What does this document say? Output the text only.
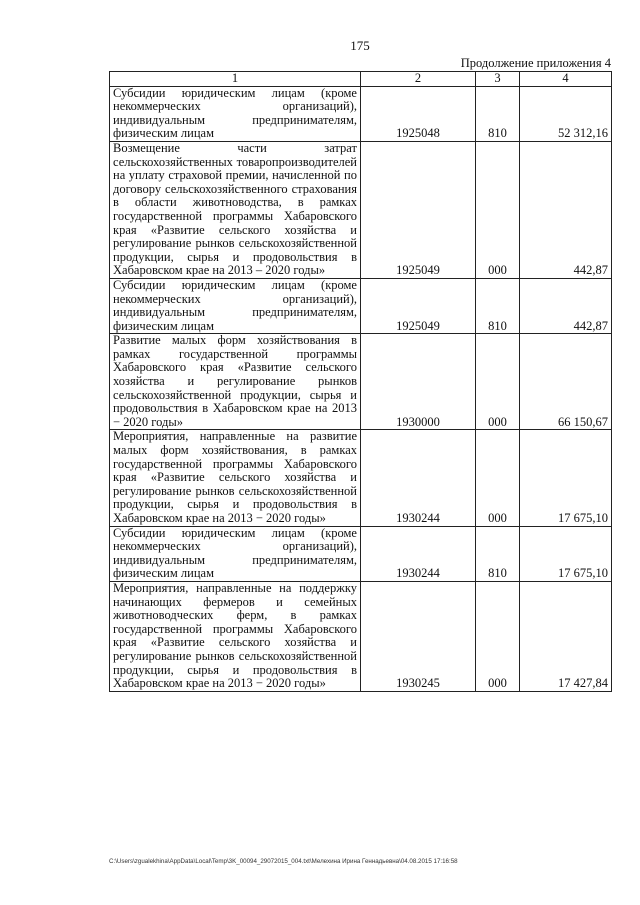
175
Продолжение приложения 4
1	2	3	4
Субсидии юридическим лицам (кроме некоммерческих организаций), индивидуальным предпринимателям, физическим лицам	1925048	810	52 312,16
Возмещение части затрат сельскохозяйственных товаропроизводителей на уплату страховой премии, начисленной по договору сельскохозяйственного страхования в области животноводства, в рамках государственной программы Хабаровского края «Развитие сельского хозяйства и регулирование рынков сельскохозяйственной продукции, сырья и продовольствия в Хабаровском крае на 2013 – 2020 годы»	1925049	000	442,87
Субсидии юридическим лицам (кроме некоммерческих организаций), индивидуальным предпринимателям, физическим лицам	1925049	810	442,87
Развитие малых форм хозяйствования в рамках государственной программы Хабаровского края «Развитие сельского хозяйства и регулирование рынков сельскохозяйственной продукции, сырья и продовольствия в Хабаровском крае на 2013 − 2020 годы»	1930000	000	66 150,67
Мероприятия, направленные на развитие малых форм хозяйствования, в рамках государственной программы Хабаровского края «Развитие сельского хозяйства и регулирование рынков сельскохозяйственной продукции, сырья и продовольствия в Хабаровском крае на 2013 − 2020 годы»	1930244	000	17 675,10
Субсидии юридическим лицам (кроме некоммерческих организаций), индивидуальным предпринимателям, физическим лицам	1930244	810	17 675,10
Мероприятия, направленные на поддержку начинающих фермеров и семейных животноводческих ферм, в рамках государственной программы Хабаровского края «Развитие сельского хозяйства и регулирование рынков сельскохозяйственной продукции, сырья и продовольствия в Хабаровском крае на 2013 − 2020 годы»	1930245	000	17 427,84
C:\Users\zgualekhina\AppData\Local\Temp\3K_00094_29072015_004.txt\Мелехина Ирина Геннадьевна\04.08.2015 17:16:58
